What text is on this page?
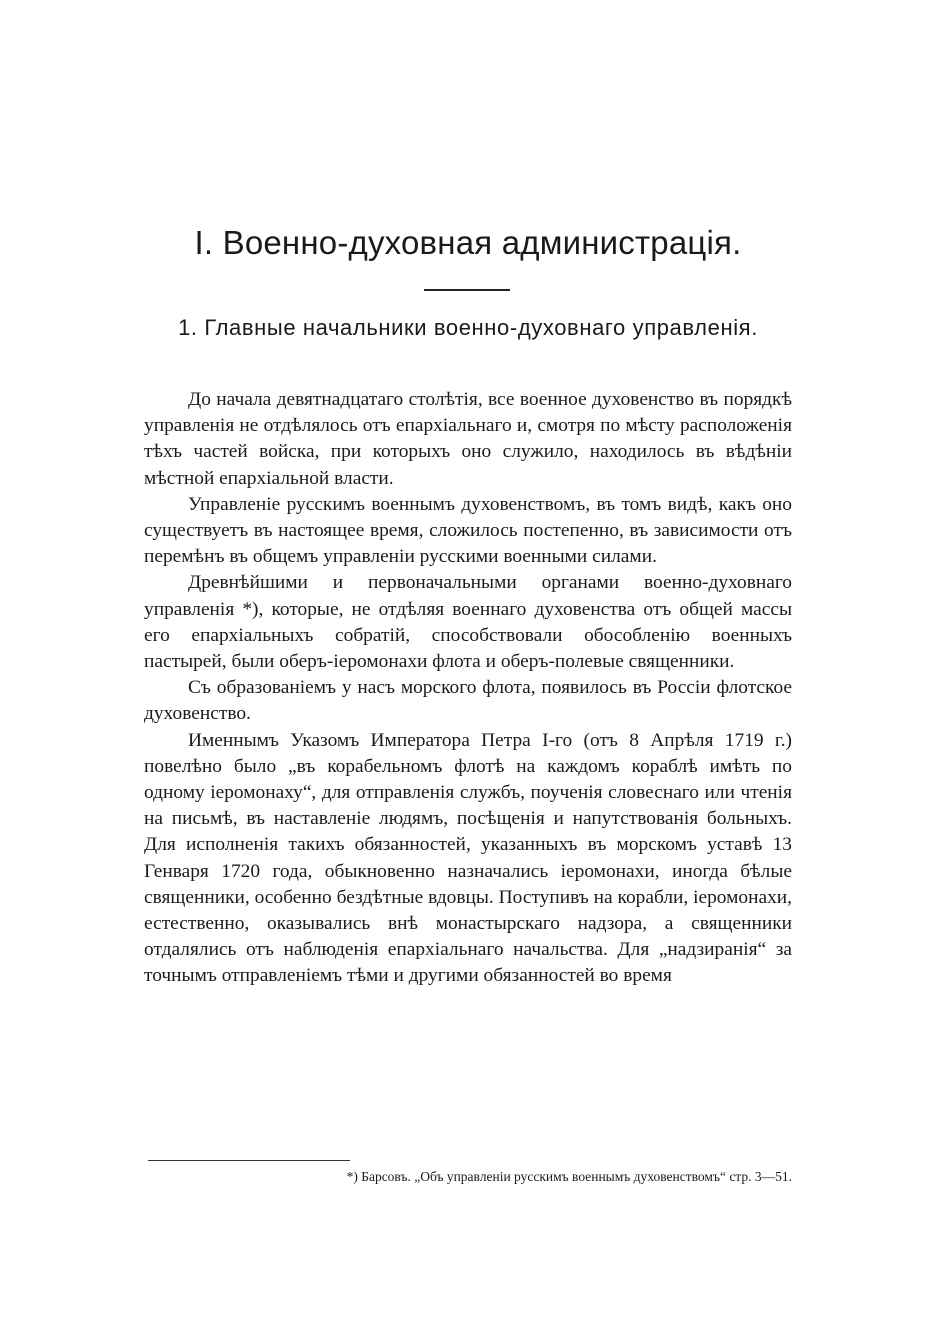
I. Военно-духовная администрація.
1. Главные начальники военно-духовнаго управленія.

До начала девятнадцатаго столѣтія, все военное духовенство въ порядкѣ управленія не отдѣлялось отъ епархіальнаго и, смотря по мѣсту расположенія тѣхъ частей войска, при которыхъ оно служило, находилось въ вѣдѣніи мѣстной епархіальной власти.

Управленіе русскимъ военнымъ духовенствомъ, въ томъ видѣ, какъ оно существуетъ въ настоящее время, сложилось постепенно, въ зависимости отъ перемѣнъ въ общемъ управленіи русскими военными силами.

Древнѣйшими и первоначальными органами военно-духовнаго управленія *), которые, не отдѣляя военнаго духовенства отъ общей массы его епархіальныхъ собратій, способствовали обособленію военныхъ пастырей, были оберъ-іеромонахи флота и оберъ-полевые священники.

Съ образованіемъ у насъ морского флота, появилось въ Россіи флотское духовенство.

Именнымъ Указомъ Императора Петра I-го (отъ 8 Апрѣля 1719 г.) повелѣно было „въ корабельномъ флотѣ на каждомъ кораблѣ имѣть по одному іеромонаху“, для отправленія службъ, поученія словеснаго или чтенія на письмѣ, въ наставленіе людямъ, посѣщенія и напутствованія больныхъ. Для исполненія такихъ обязанностей, указанныхъ въ морскомъ уставѣ 13 Генваря 1720 года, обыкновенно назначались іеромонахи, иногда бѣлые священники, особенно бездѣтные вдовцы. Поступивъ на корабли, іеромонахи, естественно, оказывались внѣ монастырскаго надзора, а священники отдалялись отъ наблюденія епархіальнаго начальства. Для „надзиранія“ за точнымъ отправленіемъ тѣми и другими обязанностей во время

*) Барсовъ. „Объ управленіи русскимъ военнымъ духовенствомъ“ стр. 3—51.
